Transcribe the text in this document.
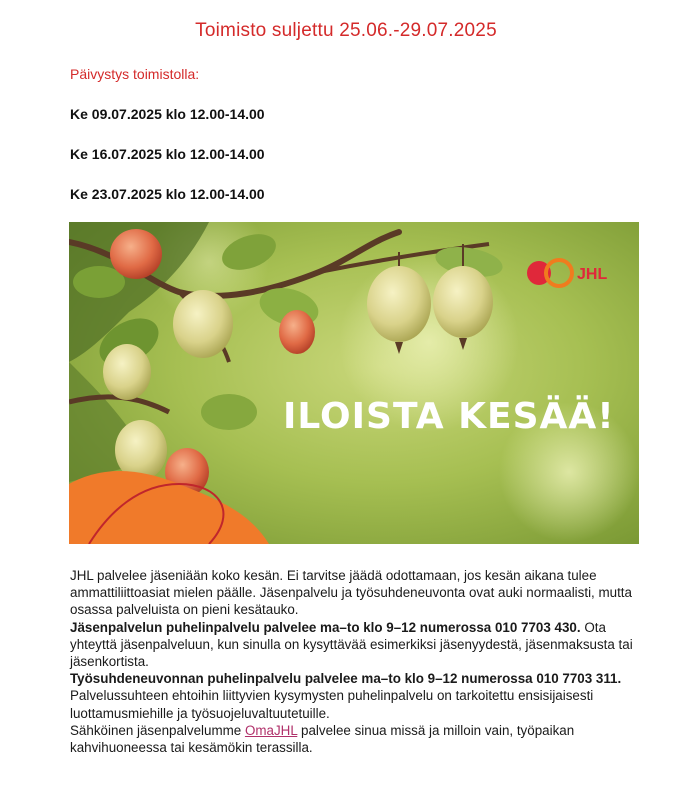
Toimisto suljettu 25.06.-29.07.2025
Päivystys toimistolla:
Ke 09.07.2025 klo 12.00-14.00
Ke 16.07.2025 klo 12.00-14.00
Ke 23.07.2025 klo 12.00-14.00
JHL
ILOISTA KESÄÄ!

JHL palvelee jäseniään koko kesän. Ei tarvitse jäädä odottamaan, jos kesän aikana tulee ammattiliittoasiat mielen päälle. Jäsenpalvelu ja työsuhdeneuvonta ovat auki normaalisti, mutta osassa palveluista on pieni kesätauko.

Jäsenpalvelun puhelinpalvelu palvelee ma–to klo 9–12 numerossa 010 7703 430. Ota yhteyttä jäsenpalveluun, kun sinulla on kysyttävää esimerkiksi jäsenyydestä, jäsenmaksusta tai jäsenkortista.

Työsuhdeneuvonnan puhelinpalvelu palvelee ma–to klo 9–12 numerossa 010 7703 311. Palvelussuhteen ehtoihin liittyvien kysymysten puhelinpalvelu on tarkoitettu ensisijaisesti luottamusmiehille ja työsuojeluvaltuutetuille.

Sähköinen jäsenpalvelumme OmaJHL palvelee sinua missä ja milloin vain, työpaikan kahvihuoneessa tai kesämökin terassilla.
